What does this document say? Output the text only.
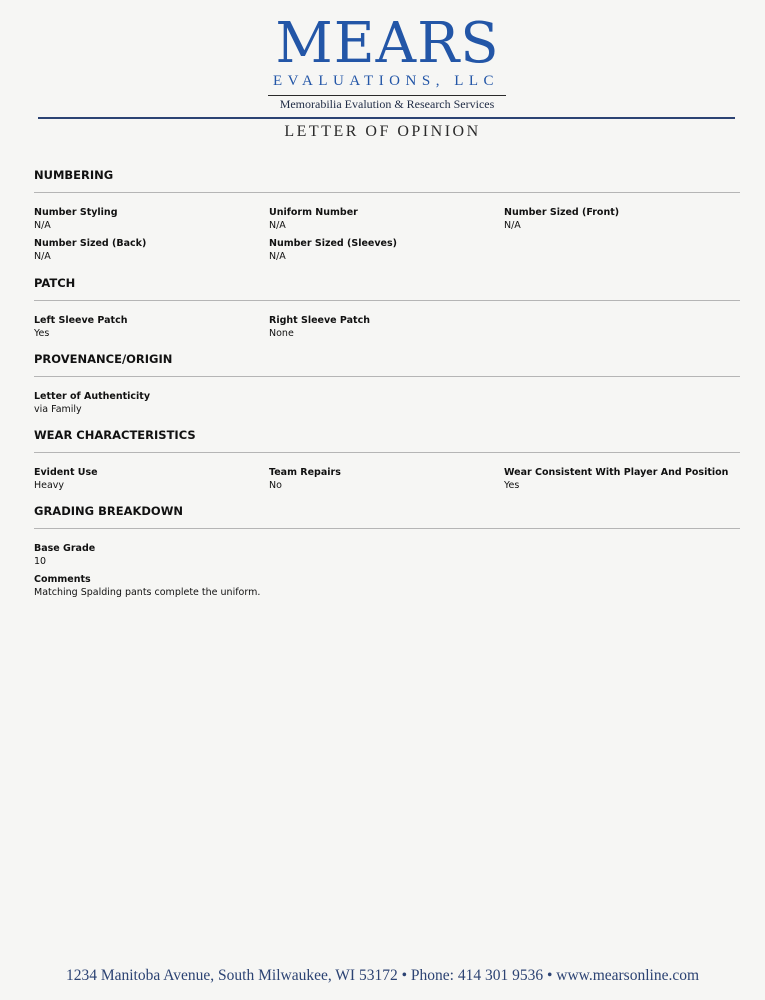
MEARS
EVALUATIONS, LLC
Memorabilia Evalution & Research Services
LETTER OF OPINION
NUMBERING
Number Styling
N/A
Uniform Number
N/A
Number Sized (Front)
N/A
Number Sized (Back)
N/A
Number Sized (Sleeves)
N/A
PATCH
Left Sleeve Patch
Yes
Right Sleeve Patch
None
PROVENANCE/ORIGIN
Letter of Authenticity
via Family
WEAR CHARACTERISTICS
Evident Use
Heavy
Team Repairs
No
Wear Consistent With Player And Position
Yes
GRADING BREAKDOWN
Base Grade
10
Comments
Matching Spalding pants complete the uniform.
1234 Manitoba Avenue, South Milwaukee, WI 53172 • Phone: 414 301 9536 • www.mearsonline.com
